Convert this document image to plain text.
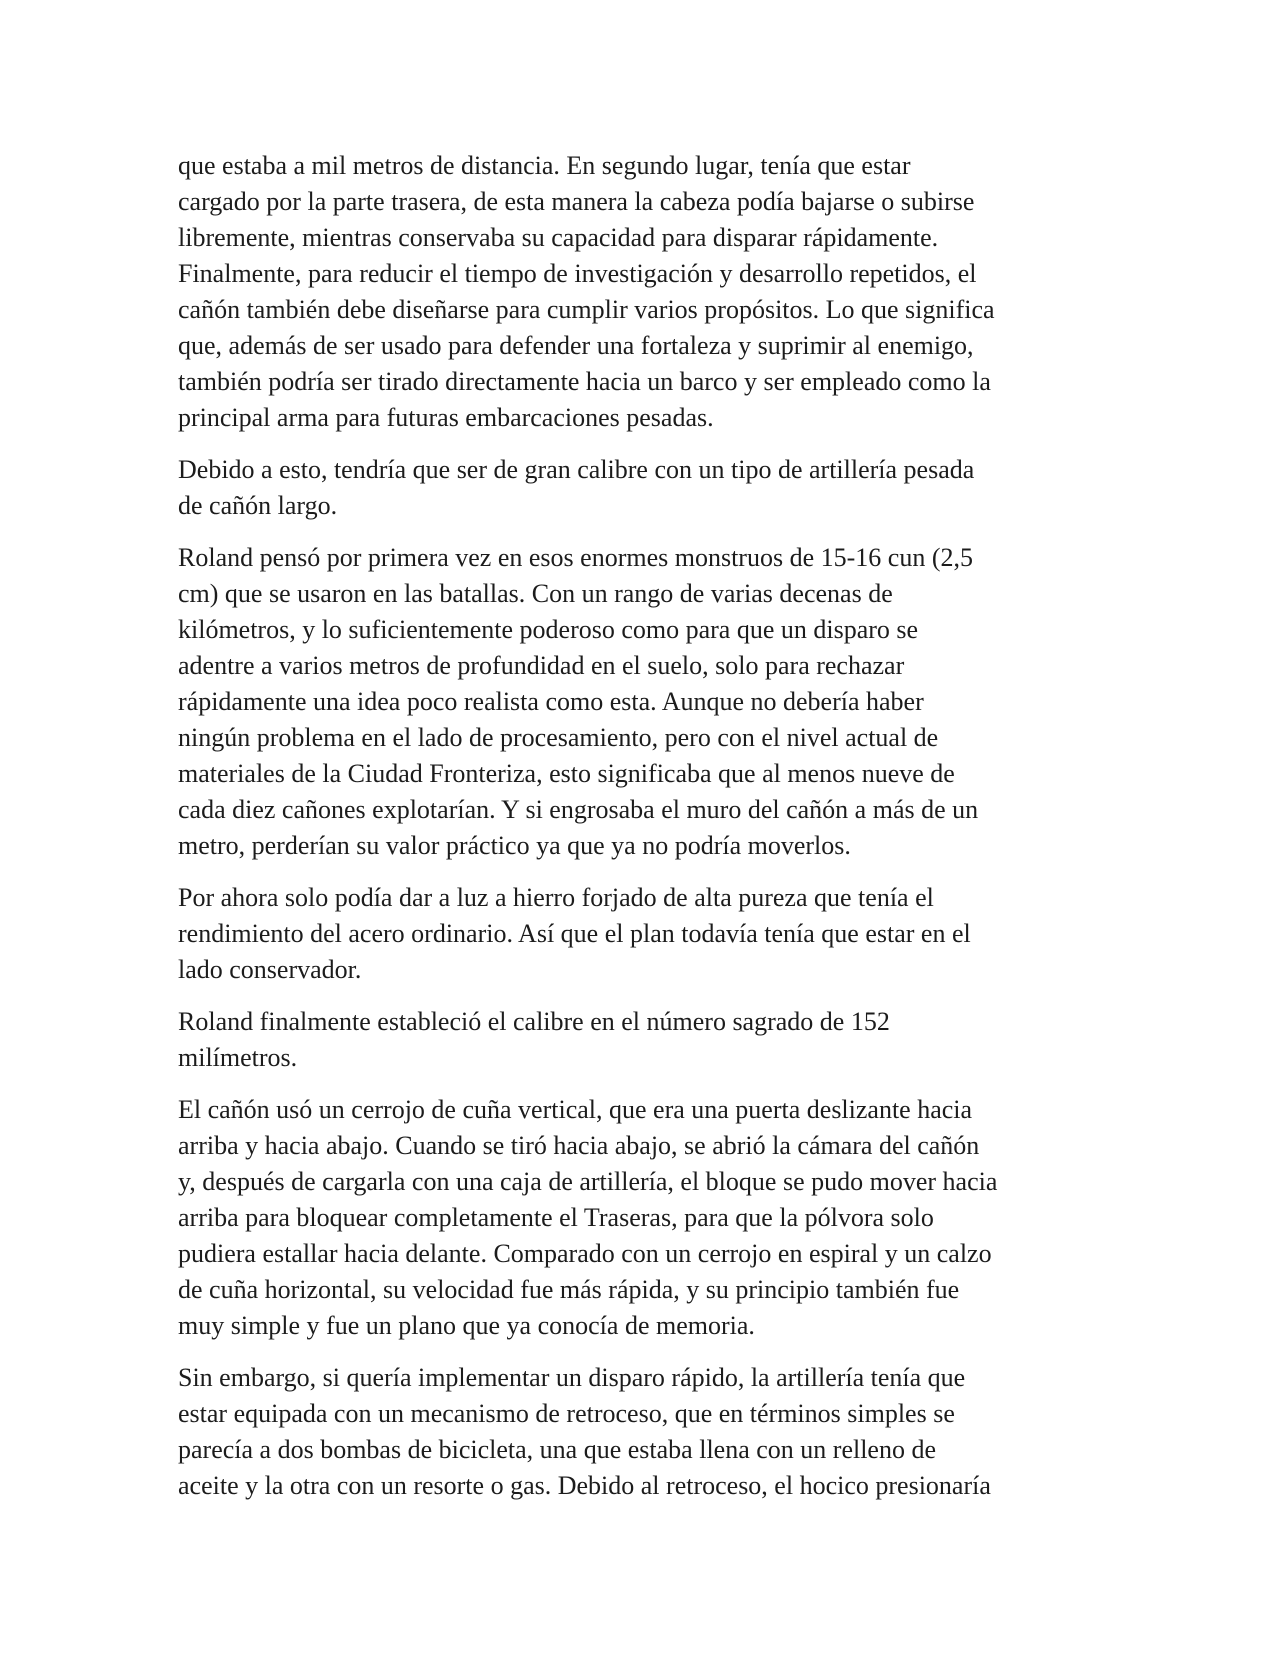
que estaba a mil metros de distancia. En segundo lugar, tenía que estar
cargado por la parte trasera, de esta manera la cabeza podía bajarse o subirse
libremente, mientras conservaba su capacidad para disparar rápidamente.
Finalmente, para reducir el tiempo de investigación y desarrollo repetidos, el
cañón también debe diseñarse para cumplir varios propósitos. Lo que significa
que, además de ser usado para defender una fortaleza y suprimir al enemigo,
también podría ser tirado directamente hacia un barco y ser empleado como la
principal arma para futuras embarcaciones pesadas.

Debido a esto, tendría que ser de gran calibre con un tipo de artillería pesada
de cañón largo.

Roland pensó por primera vez en esos enormes monstruos de 15-16 cun (2,5
cm) que se usaron en las batallas. Con un rango de varias decenas de
kilómetros, y lo suficientemente poderoso como para que un disparo se
adentre a varios metros de profundidad en el suelo, solo para rechazar
rápidamente una idea poco realista como esta. Aunque no debería haber
ningún problema en el lado de procesamiento, pero con el nivel actual de
materiales de la Ciudad Fronteriza, esto significaba que al menos nueve de
cada diez cañones explotarían. Y si engrosaba el muro del cañón a más de un
metro, perderían su valor práctico ya que ya no podría moverlos.

Por ahora solo podía dar a luz a hierro forjado de alta pureza que tenía el
rendimiento del acero ordinario. Así que el plan todavía tenía que estar en el
lado conservador.

Roland finalmente estableció el calibre en el número sagrado de 152
milímetros.

El cañón usó un cerrojo de cuña vertical, que era una puerta deslizante hacia
arriba y hacia abajo. Cuando se tiró hacia abajo, se abrió la cámara del cañón
y, después de cargarla con una caja de artillería, el bloque se pudo mover hacia
arriba para bloquear completamente el Traseras, para que la pólvora solo
pudiera estallar hacia delante. Comparado con un cerrojo en espiral y un calzo
de cuña horizontal, su velocidad fue más rápida, y su principio también fue
muy simple y fue un plano que ya conocía de memoria.

Sin embargo, si quería implementar un disparo rápido, la artillería tenía que
estar equipada con un mecanismo de retroceso, que en términos simples se
parecía a dos bombas de bicicleta, una que estaba llena con un relleno de
aceite y la otra con un resorte o gas. Debido al retroceso, el hocico presionaría
